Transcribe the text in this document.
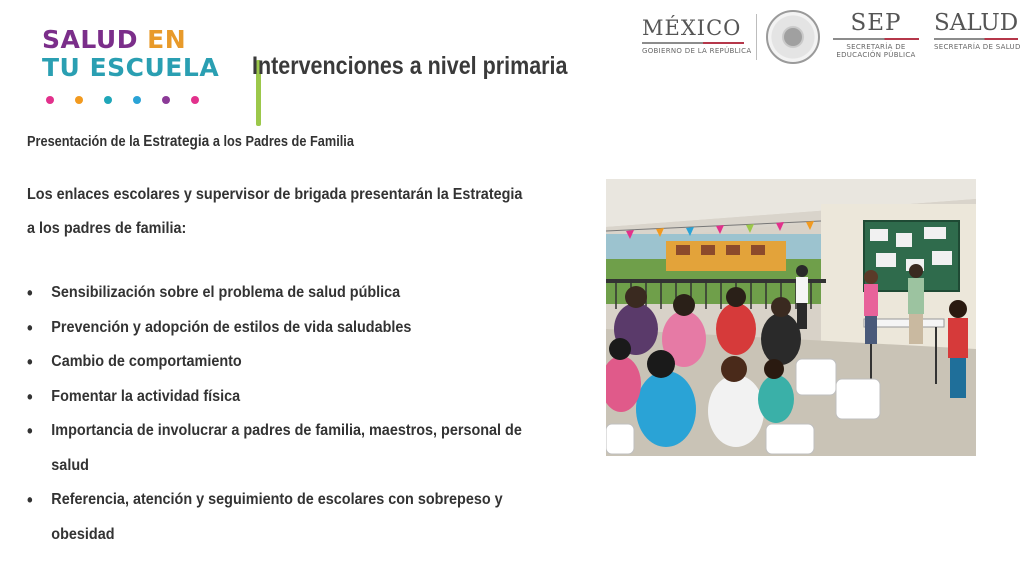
SALUD EN
TU ESCUELA	Intervenciones a nivel primaria
MÉXICO
GOBIERNO DE LA REPÚBLICA
SEP
SECRETARÍA DE
EDUCACIÓN PÚBLICA
SALUD
SECRETARÍA DE SALUD
Presentación de la Estrategia a los Padres de Familia
Los enlaces escolares y supervisor de brigada presentarán la Estrategia
a los padres de familia:
• Sensibilización sobre el problema de salud pública
• Prevención y adopción de estilos de vida saludables
• Cambio de comportamiento
• Fomentar la actividad física
• Importancia de involucrar a padres de familia, maestros, personal de salud
• Referencia, atención y seguimiento de escolares con sobrepeso y obesidad
